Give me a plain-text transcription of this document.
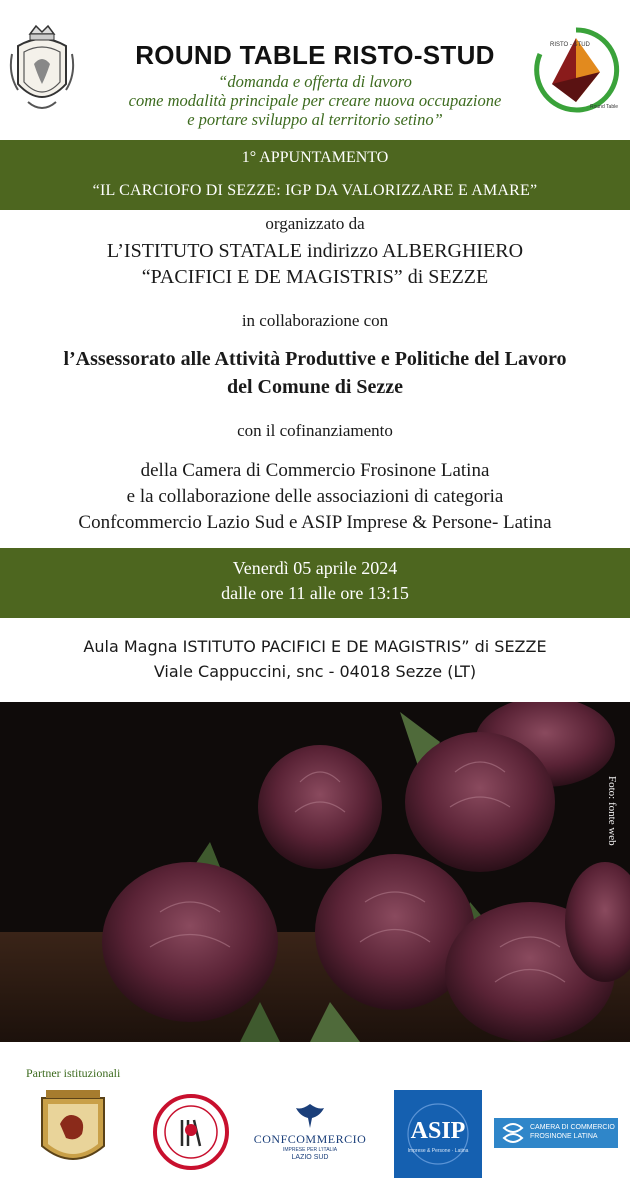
ROUND TABLE RISTO-STUD
“domanda e offerta di lavoro
come modalità principale per creare nuova occupazione
e portare sviluppo al territorio setino”
RISTO - STUD
Round Table
1° APPUNTAMENTO
“IL CARCIOFO DI SEZZE: IGP DA VALORIZZARE E AMARE”
organizzato da
L’ISTITUTO STATALE indirizzo ALBERGHIERO
“PACIFICI E DE MAGISTRIS” di SEZZE
in collaborazione con
l’Assessorato alle Attività Produttive e Politiche del Lavoro
del Comune di Sezze
con il cofinanziamento
della Camera di Commercio Frosinone Latina
e la collaborazione delle associazioni di categoria
Confcommercio Lazio Sud e ASIP Imprese & Persone- Latina
Venerdì 05 aprile 2024
dalle ore 11 alle ore 13:15
Aula Magna ISTITUTO PACIFICI E DE MAGISTRIS” di SEZZE
Viale Cappuccini, snc - 04018 Sezze (LT)
Foto: fonte web
Partner istituzionali
CONFCOMMERCIO
IMPRESE PER L’ITALIA
LAZIO SUD
ASIP
Imprese & Persone · Latina
CAMERA DI COMMERCIO
FROSINONE LATINA
